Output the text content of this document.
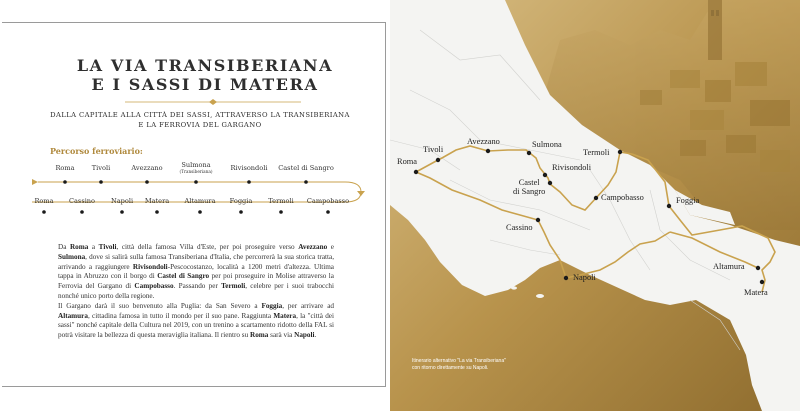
LA VIA TRANSIBERIANA
E I SASSI DI MATERA
DALLA CAPITALE ALLA CITTÀ DEI SASSI, ATTRAVERSO LA TRANSIBERIANA
E LA FERROVIA DEL GARGANO
Percorso ferroviario:
Roma	Tivoli	Avezzano	Sulmona
(Transiberiana)	Rivisondoli	Castel di Sangro
Roma	Cassino	Napoli	Matera	Altamura	Foggia	Termoli	Campobasso

Da Roma a Tivoli, città della famosa Villa d'Este, per poi proseguire verso Avezzano e Sulmona, dove si salirà sulla famosa Transiberiana d'Italia, che percorrerà la sua storica tratta, arrivando a raggiungere Rivisondoli-Pescocostanzo, località a 1200 metri d'altezza. Ultima tappa in Abruzzo con il borgo di Castel di Sangro per poi proseguire in Molise attraverso la Ferrovia del Gargano di Campobasso. Passando per Termoli, celebre per i suoi trabocchi nonché unico porto della regione.

Il Gargano darà il suo benvenuto alla Puglia: da San Severo a Foggia, per arrivare ad Altamura, cittadina famosa in tutto il mondo per il suo pane. Raggiunta Matera, la "città dei sassi" nonché capitale della Cultura nel 2019, con un trenino a scartamento ridotto della FAL si potrà visitare la bellezza di questa meraviglia italiana. Il rientro su Roma sarà via Napoli.

Roma
Tivoli
Avezzano	Sulmona
Rivisondoli
Castel
di Sangro
Termoli
Campobasso	Foggia
Cassino
Napoli
Altamura
Matera
Itinerario alternativo "La via Transiberiana"
con ritorno direttamente su Napoli.
